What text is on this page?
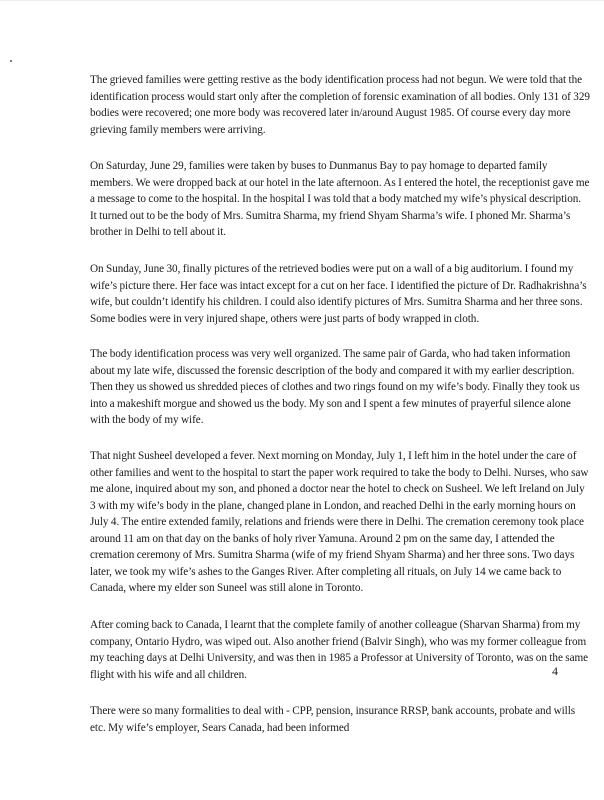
The grieved families were getting restive as the body identification process had not begun. We were told that the identification process would start only after the completion of forensic examination of all bodies. Only 131 of 329 bodies were recovered; one more body was recovered later in/around August 1985. Of course every day more grieving family members were arriving.

On Saturday, June 29, families were taken by buses to Dunmanus Bay to pay homage to departed family members. We were dropped back at our hotel in the late afternoon. As I entered the hotel, the receptionist gave me a message to come to the hospital. In the hospital I was told that a body matched my wife’s physical description. It turned out to be the body of Mrs. Sumitra Sharma, my friend Shyam Sharma’s wife. I phoned Mr. Sharma’s brother in Delhi to tell about it.

On Sunday, June 30, finally pictures of the retrieved bodies were put on a wall of a big auditorium. I found my wife’s picture there. Her face was intact except for a cut on her face. I identified the picture of Dr. Radhakrishna’s wife, but couldn’t identify his children. I could also identify pictures of Mrs. Sumitra Sharma and her three sons. Some bodies were in very injured shape, others were just parts of body wrapped in cloth.

The body identification process was very well organized. The same pair of Garda, who had taken information about my late wife, discussed the forensic description of the body and compared it with my earlier description. Then they us showed us shredded pieces of clothes and two rings found on my wife’s body. Finally they took us into a makeshift morgue and showed us the body. My son and I spent a few minutes of prayerful silence alone with the body of my wife.

That night Susheel developed a fever. Next morning on Monday, July 1, I left him in the hotel under the care of other families and went to the hospital to start the paper work required to take the body to Delhi. Nurses, who saw me alone, inquired about my son, and phoned a doctor near the hotel to check on Susheel. We left Ireland on July 3 with my wife’s body in the plane, changed plane in London, and reached Delhi in the early morning hours on July 4. The entire extended family, relations and friends were there in Delhi. The cremation ceremony took place around 11 am on that day on the banks of holy river Yamuna. Around 2 pm on the same day, I attended the cremation ceremony of Mrs. Sumitra Sharma (wife of my friend Shyam Sharma) and her three sons. Two days later, we took my wife’s ashes to the Ganges River. After completing all rituals, on July 14 we came back to Canada, where my elder son Suneel was still alone in Toronto.

After coming back to Canada, I learnt that the complete family of another colleague (Sharvan Sharma) from my company, Ontario Hydro, was wiped out. Also another friend (Balvir Singh), who was my former colleague from my teaching days at Delhi University, and was then in 1985 a Professor at University of Toronto, was on the same flight with his wife and all children.

There were so many formalities to deal with - CPP, pension, insurance RRSP, bank accounts, probate and wills etc. My wife’s employer, Sears Canada, had been informed

4
